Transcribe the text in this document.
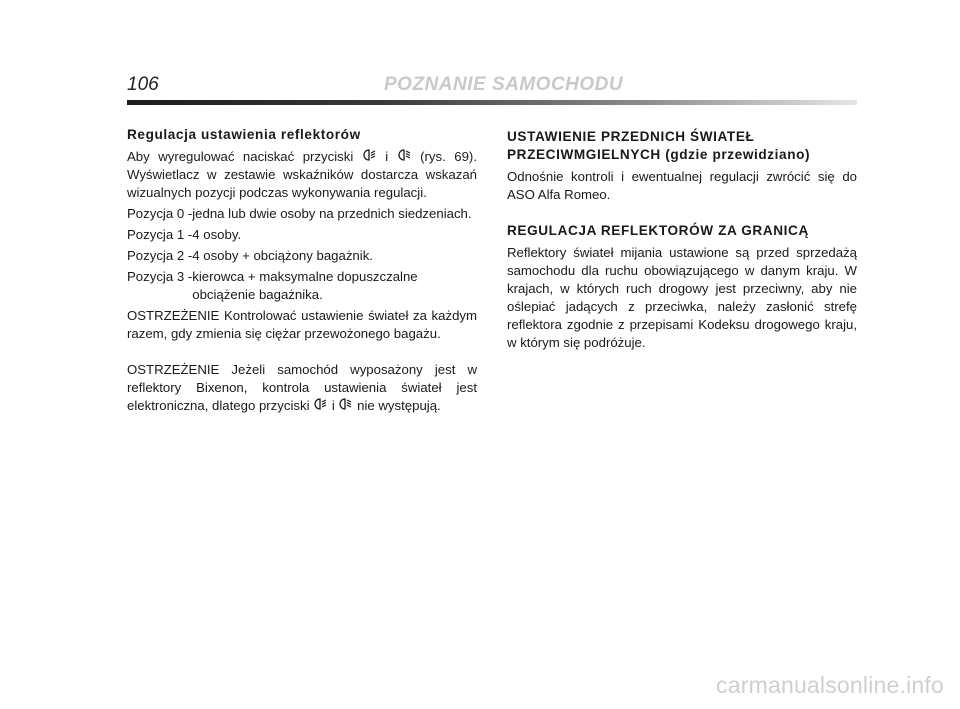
106	POZNANIE SAMOCHODU
Regulacja ustawienia reflektorów

Aby wyregulować naciskać przyciski i (rys. 69). Wyświetlacz w zestawie wskaźników dostarcza wskazań wizualnych pozycji podczas wykonywania regulacji.

Pozycja 0 - jedna lub dwie osoby na przednich siedzeniach.
Pozycja 1 - 4 osoby.
Pozycja 2 - 4 osoby + obciążony bagażnik.
Pozycja 3 - kierowca + maksymalne dopuszczalne obciążenie bagażnika.

OSTRZEŻENIE Kontrolować ustawienie świateł za każdym razem, gdy zmienia się ciężar przewożonego bagażu.

OSTRZEŻENIE Jeżeli samochód wyposażony jest w reflektory Bixenon, kontrola ustawienia świateł jest elektroniczna, dlatego przyciski i nie występują.

USTAWIENIE PRZEDNICH ŚWIATEŁ PRZECIWMGIELNYCH (gdzie przewidziano)

Odnośnie kontroli i ewentualnej regulacji zwrócić się do ASO Alfa Romeo.

REGULACJA REFLEKTORÓW ZA GRANICĄ

Reflektory świateł mijania ustawione są przed sprzedażą samochodu dla ruchu obowiązującego w danym kraju. W krajach, w których ruch drogowy jest przeciwny, aby nie oślepiać jadących z przeciwka, należy zasłonić strefę reflektora zgodnie z przepisami Kodeksu drogowego kraju, w którym się podróżuje.

carmanualsonline.info
